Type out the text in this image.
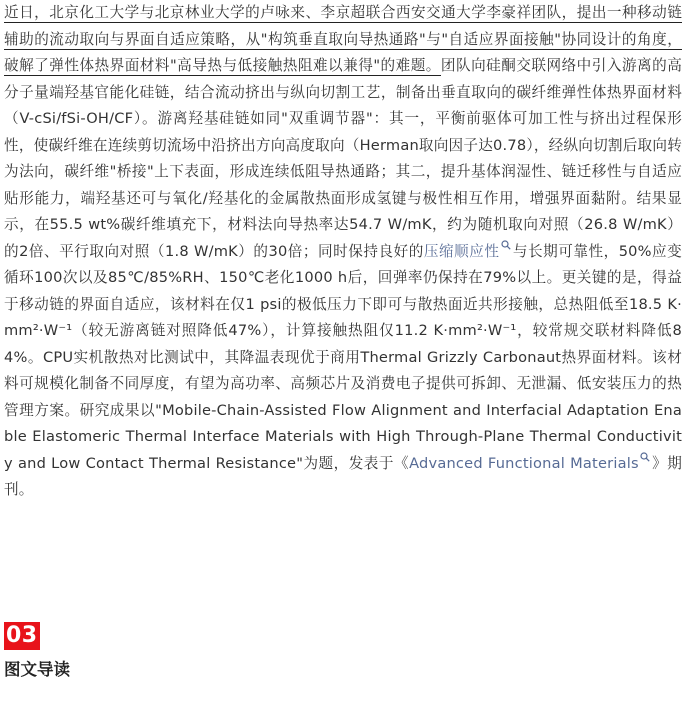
近日，北京化工大学与北京林业大学的卢咏来、李京超联合西安交通大学李豪祥团队，提出一种移动链辅助的流动取向与界面自适应策略，从"构筑垂直取向导热通路"与"自适应界面接触"协同设计的角度，破解了弹性体热界面材料"高导热与低接触热阻难以兼得"的难题。团队向硅酮交联网络中引入游离的高分子量端羟基官能化硅链，结合流动挤出与纵向切割工艺，制备出垂直取向的碳纤维弹性体热界面材料（V-cSi/fSi-OH/CF）。游离羟基硅链如同"双重调节器"：其一，平衡前驱体可加工性与挤出过程保形性，使碳纤维在连续剪切流场中沿挤出方向高度取向（Herman取向因子达0.78），经纵向切割后取向转为法向，碳纤维"桥接"上下表面，形成连续低阻导热通路；其二，提升基体润湿性、链迁移性与自适应贴形能力，端羟基还可与氧化/羟基化的金属散热面形成氢键与极性相互作用，增强界面黏附。结果显示，在55.5 wt%碳纤维填充下，材料法向导热率达54.7 W/mK，约为随机取向对照（26.8 W/mK）的2倍、平行取向对照（1.8 W/mK）的30倍；同时保持良好的压缩顺应性 与长期可靠性，50%应变循环100次以及85℃/85%RH、150℃老化1000 h后，回弹率仍保持在79%以上。更关键的是，得益于移动链的界面自适应，该材料在仅1 psi的极低压力下即可与散热面近共形接触，总热阻低至18.5 K·mm²·W⁻¹（较无游离链对照降低47%），计算接触热阻仅11.2 K·mm²·W⁻¹，较常规交联材料降低84%。CPU实机散热对比测试中，其降温表现优于商用Thermal Grizzly Carbonaut热界面材料。该材料可规模化制备不同厚度，有望为高功率、高频芯片及消费电子提供可拆卸、无泄漏、低安装压力的热管理方案。研究成果以"Mobile-Chain-Assisted Flow Alignment and Interfacial Adaptation Enable Elastomeric Thermal Interface Materials with High Through-Plane Thermal Conductivity and Low Contact Thermal Resistance"为题，发表于《Advanced Functional Materials 》期刊。

03
图文导读
